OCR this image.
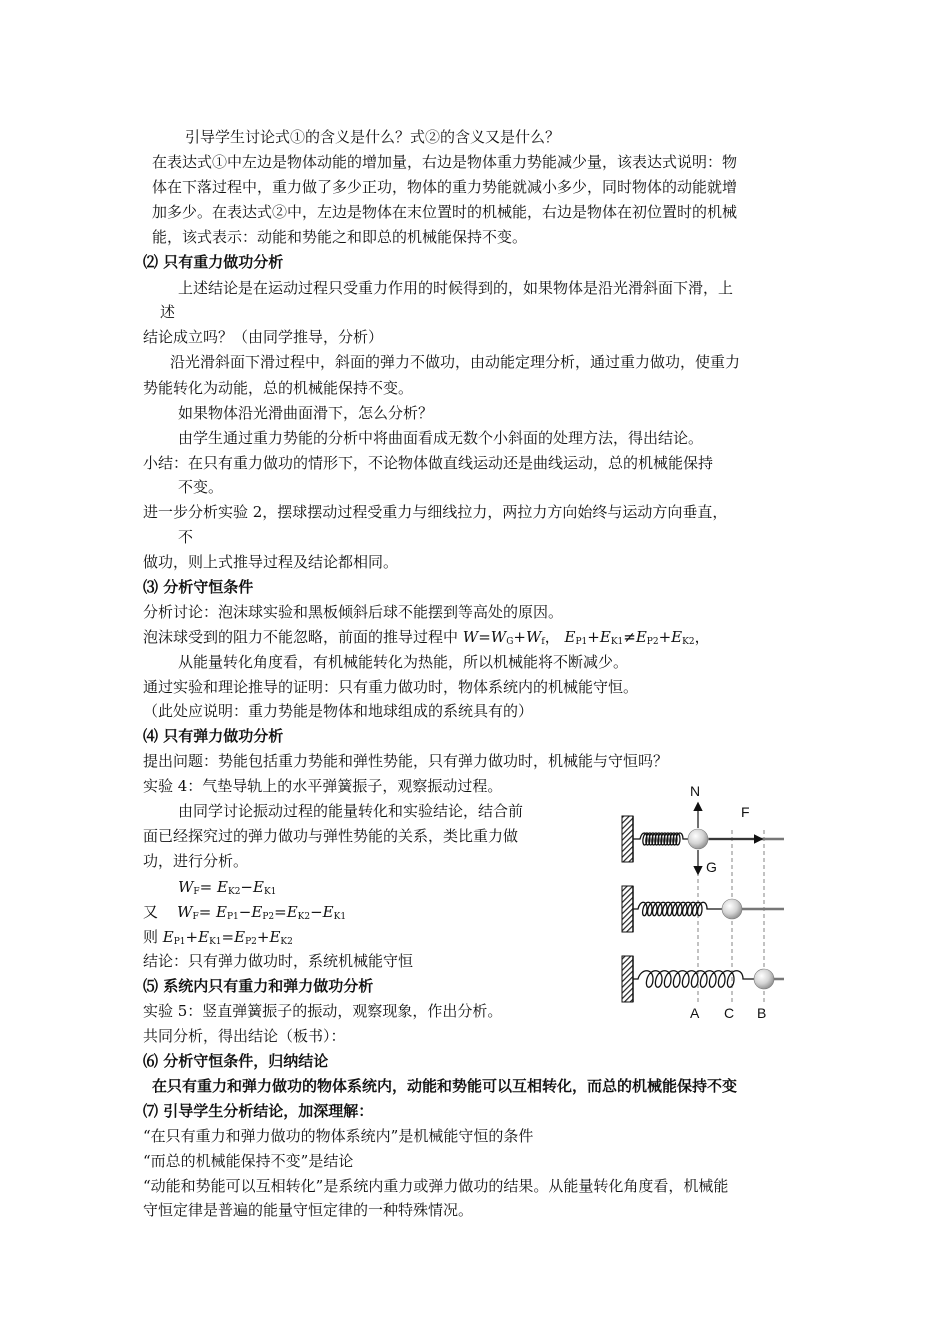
引导学生讨论式①的含义是什么？式②的含义又是什么？
在表达式①中左边是物体动能的增加量，右边是物体重力势能减少量，该表达式说明：物
体在下落过程中，重力做了多少正功，物体的重力势能就减小多少，同时物体的动能就增
加多少。在表达式②中，左边是物体在末位置时的机械能，右边是物体在初位置时的机械
能，该式表示：动能和势能之和即总的机械能保持不变。
⑵ 只有重力做功分析
上述结论是在运动过程只受重力作用的时候得到的，如果物体是沿光滑斜面下滑，上
述
结论成立吗？（由同学推导，分析）
沿光滑斜面下滑过程中，斜面的弹力不做功，由动能定理分析，通过重力做功，使重力
势能转化为动能，总的机械能保持不变。
如果物体沿光滑曲面滑下，怎么分析？
由学生通过重力势能的分析中将曲面看成无数个小斜面的处理方法，得出结论。
小结：在只有重力做功的情形下，不论物体做直线运动还是曲线运动，总的机械能保持
不变。
进一步分析实验 2，摆球摆动过程受重力与细线拉力，两拉力方向始终与运动方向垂直，
不
做功，则上式推导过程及结论都相同。
⑶ 分析守恒条件
分析讨论：泡沫球实验和黑板倾斜后球不能摆到等高处的原因。
泡沫球受到的阻力不能忽略，前面的推导过程中 $W=W_G+W_f$， $E_{P1}+E_{K1}\ne E_{P2}+E_{K2}$，
从能量转化角度看，有机械能转化为热能，所以机械能将不断减少。
通过实验和理论推导的证明：只有重力做功时，物体系统内的机械能守恒。
（此处应说明：重力势能是物体和地球组成的系统具有的）
⑷ 只有弹力做功分析
提出问题：势能包括重力势能和弹性势能，只有弹力做功时，机械能与守恒吗？
实验 4：气垫导轨上的水平弹簧振子，观察振动过程。
由同学讨论振动过程的能量转化和实验结论，结合前
面已经探究过的弹力做功与弹性势能的关系，类比重力做
功，进行分析。
$W_F= E_{K2}-E_{K1}$
又 $W_F= E_{P1}-E_{P2}=E_{K2}-E_{K1}$
则 $E_{P1}+E_{K1}=E_{P2}+E_{K2}$
结论：只有弹力做功时，系统机械能守恒
⑸ 系统内只有重力和弹力做功分析
实验 5：竖直弹簧振子的振动，观察现象，作出分析。
共同分析，得出结论（板书）：
⑹ 分析守恒条件，归纳结论
在只有重力和弹力做功的物体系统内，动能和势能可以互相转化，而总的机械能保持不变
⑺ 引导学生分析结论，加深理解：
“在只有重力和弹力做功的物体系统内”是机械能守恒的条件
“而总的机械能保持不变”是结论
“动能和势能可以互相转化”是系统内重力或弹力做功的结果。从能量转化角度看，机械能
守恒定律是普遍的能量守恒定律的一种特殊情况。
N
F
G
A C B
